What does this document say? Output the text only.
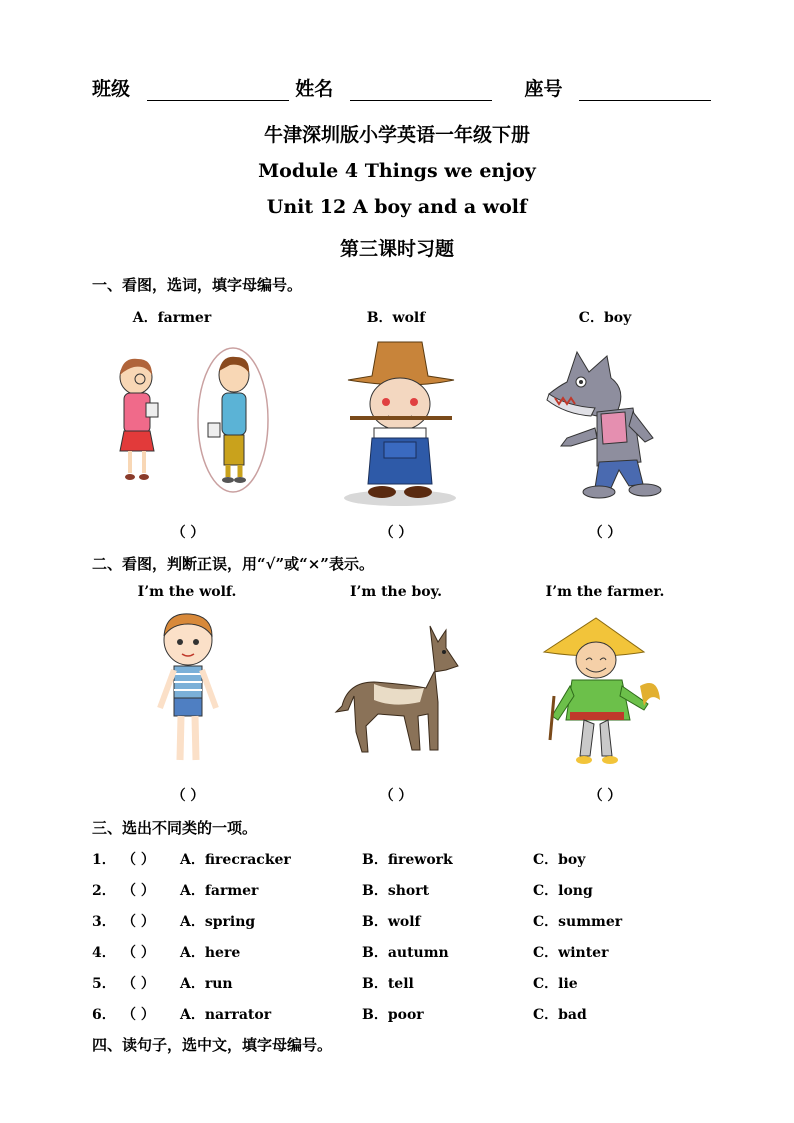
班级	姓名	座号
牛津深圳版小学英语一年级下册
Module 4 Things we enjoy
Unit 12 A boy and a wolf
第三课时习题
一、看图，选词，填字母编号。
A．farmer	B．wolf	C．boy
（ ）	（ ）	（ ）
二、看图，判断正误，用“√”或“×”表示。
I’m the wolf.	I’m the boy.	I’m the farmer.
（ ）	（ ）	（ ）
三、选出不同类的一项。
1． （ ） A．firecracker	B．firework	C．boy
2． （ ） A．farmer	B．short	C．long
3． （ ） A．spring	B．wolf	C．summer
4． （ ） A．here	B．autumn	C．winter
5． （ ） A．run	B．tell	C．lie
6． （ ） A．narrator	B．poor	C．bad
四、读句子，选中文，填字母编号。
